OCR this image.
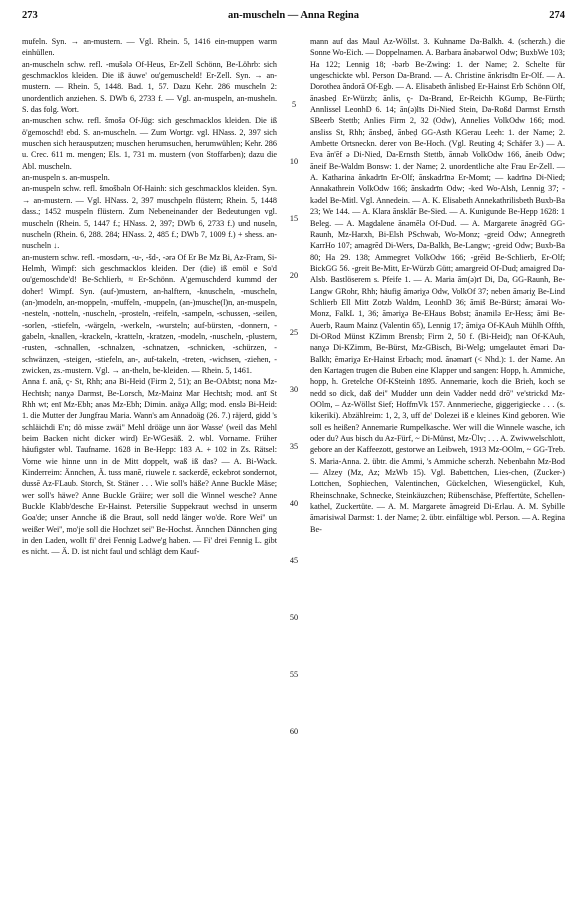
273	an-muscheln — Anna Regina	274

mufeln. Syn. → an-mustern. — Vgl. Rhein. 5, 1416 ein-muppen warm einhüllen.

an-muscheln schw. refl. -mušələ Of-Heus, Er-Zell Schönn, Be-Löhrb: sich geschmacklos kleiden. Die iß äuwe' ou'gemuscheld! Er-Zell. Syn. → an-mustern. — Rhein. 5, 1448. Bad. 1, 57. Dazu Kehr. 286 muscheln 2: unordentlich anziehen. S. DWb 6, 2733 f. — Vgl. an-muspeln, an-musheln. S. das folg. Wort.

an-muschen schw. refl. šmošə Of-Jüg: sich geschmacklos kleiden. Die iß ö'gemoschd! ebd. S. an-muscheln. — Zum Wortgr. vgl. HNass. 2, 397 sich muschen sich herausputzen; muschen herumsuchen, herumwühlen; Kehr. 286 u. Crec. 611 m. mengen; Els. 1, 731 m. mustern (von Stoffarben); dazu die Abl. muscheln.

an-muspeln s. an-muspeln.

an-muspeln schw. refl. šmošbəln Of-Hainh: sich geschmacklos kleiden. Syn. → an-mustern. — Vgl. HNass. 2, 397 muschpeln flüstern; Rhein. 5, 1448 dass.; 1452 muspeln flüstern. Zum Nebeneinander der Bedeutungen vgl. muscheln (Rhein. 5, 1447 f.; HNass. 2, 397; DWb 6, 2733 f.) und nuseln, nuscheln (Rhein. 6, 288. 284; HNass. 2, 485 f.; DWb 7, 1009 f.) + shess. an-nuscheln ↓.

an-mustern schw. refl. -mosdərn, -u-, -šd-, -ərə Of Er Be Mz Bi, Az-Fram, Si-Helmh, Wimpf: sich geschmacklos kleiden. Der (die) iß emöl e So'd ou'gemoschde'd! Be-Schlierb, ≈ Er-Schönn. A'gemuschderd kummd der doher! Wimpf. Syn. (auf-)mustern, an-halftern, -knuscheln, -muscheln, (an-)modeln, an-moppeln, -muffeln, -muppeln, (an-)musche(l)n, an-muspeln, -nesteln, -notteln, -nuscheln, -prosteln, -reifeln, -sampeln, -schussen, -seilen, -sorlen, -stiefeln, -wärgeln, -werkeln, -wursteln; auf-bürsten, -donnern, -gabeln, -knallen, -krackeln, -kratteln, -kratzen, -modeln, -nuscheln, -plustern, -rusten, -schnallen, -schnalzen, -schnatzen, -schnicken, -schürzen, -schwänzen, -steigen, -stiefeln, an-, auf-takeln, -treten, -wichsen, -ziehen, -zwicken, zs.-mustern. Vgl. → an-theln, be-kleiden. — Rhein. 5, 1461.

Anna f. anā, ç- St, Rhh; anə Bi-Heid (Firm 2, 51); an Be-OAbtst; nona Mz-Hechtsh; nanχə Darmst, Be-Lorsch, Mz-Mainz Mar Hechtsh; mod. anī St Rhh wt; enī Mz-Ebh; anəs Mz-Ebh; Dimin. anäχə Allg; mod. enslə Bi-Heid: 1. die Mutter der Jungfrau Maria. Wann's am Annadoäg (26. 7.) räjerd, gidd 's schläichdi E'n; dö misse zwäi'' Mehl dröäge unn äor Wasse' (weil das Mehl beim Backen nicht dicker wird) Er-WGesäß. 2. wbl. Vorname. Früher häufigster wbl. Taufname. 1628 in Be-Hepp: 183 A. + 102 in Zs. Rätsel: Vorne wie hinne unn in de Mitt doppelt, waß iß das? — A. Bi-Wack. Kinderreim: Ännchen, Ä. tuss manē, riuwele r. sackerdē, eckebrot sondernot, dussē Az-FLaub. Storch, St. Stäner . . . Wie soll's häße? Anne Buckle Mäse; wer soll's häwe? Anne Buckle Gräire; wer soll die Winnel wesche? Anne Buckle Klabb'desche Er-Hainst. Petersilie Suppekraut wechsd in unserm Goa'de; unser Annche iß die Braut, soll nedd länger wo'de. Rore Wei'' un weißer Wei'', mo'je soll die Hochzet sei'' Be-Hochst. Ännchen Dännchen ging in den Laden, wollt fi' drei Fennig Ladwe'g haben. — Fi' drei Fennig L. gibt es nicht. — Ä. D. ist nicht faul und schlägt dem Kauf-

5
10
15
20
25
30
35
40
45
50
55
60

mann auf das Maul Az-Wöllst. 3. Kuhname Da-Balkh. 4. (scherzh.) die Sonne Wo-Eich. — Doppelnamen. A. Barbara ānəbərwol Odw; BuxbWe 103; Ha 122; Lennig 18; -bərb Be-Zwing: 1. der Name; 2. Schelte für ungeschickte wbl. Person Da-Brand. — A. Christine ānkrisdīn Er-Olf. — A. Dorothea āndorā Of-Egb. — A. Elisabeth ānlisbeḍ Er-Hainst Erb Schönn Olf, ānəsbeḍ Er-Würzb; ānlis, ç- Da-Brand, Er-Reichh KGump, Be-Fürth; Annlissel LeonhD 6. 14; ān(ə)līs Di-Nied Stein, Da-Roßd Darmst Ernsth SBeerb Stettb; Anlies Firm 2, 32 (Odw), Annelies VolkOdw 166; mod. ansliss St, Rhh; ānsbeḍ, ānbeḍ GG-Asth KGerau Leeh: 1. der Name; 2. Ambette Ortsneckn. derer von Be-Hoch. (Vgl. Reuting 4; Schäfer 3.) — A. Eva ān'ēf ə Di-Nied, Da-Ernsth Stettb, ānnəb VolkOdw 166, āneib Odw; āneif Be-Waldm Bonsw: 1. der Name; 2. unordentliche alte Frau Er-Zell. — A. Katharina ānkadrīn Er-Olf; ānskadrīnə Er-Momt; — kadrīnə Di-Nied; Annakathrein VolkOdw 166; ānskadrīn Odw; -ked Wo-Alsh, Lennig 37; -kədel Be-Mitl. Vgl. Annedein. — A. K. Elisabeth Annekathrilisbeth Buxb-Ba 23; We 144. — A. Klara ānsklār Be-Sied. — A. Kunigunde Be-Hepp 1628: 1 Beleg. — A. Magdalene ānəmēlə Of-Dud. — A. Margarete ānəgrēd GG-Raunh, Mz-Harxh, Bi-Elsh PSchwab, Wo-Monz; -greid Odw; Annegreth KarrHo 107; amagrēd Di-Wers, Da-Balkh, Be-Langw; -greid Odw; Buxb-Ba 80; Ha 29. 138; Ammegret VolkOdw 166; -grēid Be-Schlierb, Er-Olf; BickGG 56. -greit Be-Mitt, Er-Würzb Gütt; amargreid Of-Dud; amaigred Da-Alsb. Bastlöserem s. Pfeife 1. — A. Maria ām(ə)rī Di, Da, GG-Raunh, Be-Langw GRohr, Rhh; häufig āməriχə Odw, VolkOf 37; neben āməriχ Be-Lind Schlierb Ell Mitt Zotzb Waldm, LeonhD 36; āmiš Be-Bürst; āmərai Wo-Monz, FalkL 1, 36; āməriχə Be-EHaus Bobst; ānəmilə Er-Hess; āmi Be-Auerb, Raum Mainz (Valentin 65), Lennig 17; āmiχə Of-KAuh Mühlh Offth, Di-ORod Münst KZimm Brensb; Firm 2, 50 f. (Bi-Heid); nan Of-KAuh, nanχə Di-KZimm, Be-Bürst, Mz-GBisch, Bi-Welg; umgelautet ēməri Da-Balkh; ēməriχə Er-Hainst Erbach; mod. ānəmarī (< Nhd.): 1. der Name. An den Kartagen trugen die Buben eine Klapper und sangen: Hopp, h. Ammiche, hopp, h. Gretelche Of-KSteinh 1895. Annemarie, koch die Brieh, koch se nedd so dick, daß dei'' Mudder unn dein Vadder nedd drō'' ve'strickd Mz-OOlm, – Az-Wöllst Sief; HoffmVk 157. Annmerieche, giggerigiecke . . . (s. kikeriki). Abzählreim: 1, 2, 3, uff de' Dolezei iß e kleines Kind geboren. Wie soll es heißen? Annemarie Rumpelkasche. Wer will die Winnele wasche, ich oder du? Aus bisch du Az-Fürf, ~ Di-Münst, Mz-Ülv; . . . A. Zwiwwelschlott, gebore an der Kaffeezott, gestorwe an Leibweh, 1913 Mz-OOlm, ~ GG-Treb. S. Maria-Anna. 2. übtr. die Ammi, 's Ammiche scherzh. Nebenbahn Mz-Bod — Alzey (Mz, Az; MzWb 15). Vgl. Babettchen, Lies-chen, (Zucker-) Lottchen, Sophiechen, Valentinchen, Gückelchen, Wiesengückel, Kuh, Rheinschnake, Schnecke, Steinkäuzchen; Rübenschäse, Pfeffertüte, Schellen-kathel, Zuckertüte. — A. M. Margarete āməgreid Di-Erlau. A. M. Sybille āmərisiwəl Darmst: 1. der Name; 2. übtr. einfältige wbl. Person. — A. Regina Be-
